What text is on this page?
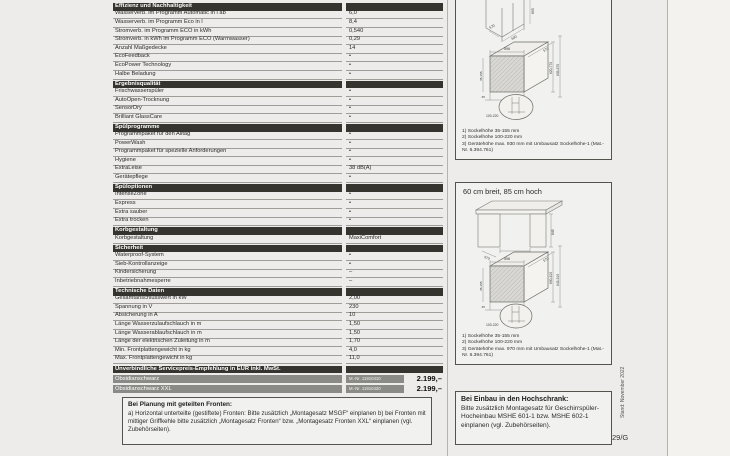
Effizienz und Nachhaltigkeit
Wasserverb. im Programm Automatic in l ab	6,0
Wasserverb. im Programm Eco in l	8,4
Stromverb. im Programm ECO in kWh	0,540
Stromverb. in kWh im Programm ECO (Warmwasser)	0,29
Anzahl Maßgedecke	14
EcoFeedback	•
EcoPower Technology	•
Halbe Beladung	•
Ergebnisqualität
Frischwasserspüler	•
AutoOpen-Trocknung	•
SensorDry	•
Brilliant GlassCare	•
Spülprogramme
Programmpaket für den Alltag	•
PowerWash	•
Programmpaket für spezielle Anforderungen	•
Hygiene	•
ExtraLeise	38 dB(A)
Gerätepflege	•
Spüloptionen
IntenseZone	•
Express	•
Extra sauber	•
Extra trocken	•
Korbgestaltung
Korbgestaltung	MaxiComfort
Sicherheit
Waterproof-System	•
Sieb-Kontrollanzeige	•
Kindersicherung	–
Inbetriebnahmesperre	–
Technische Daten
Gesamtanschlusswert in kW	2,00
Spannung in V	230
Absicherung in A	10
Länge Wasserzulaufschlauch in m	1,50
Länge Wasserablaufschlauch in m	1,50
Länge der elektrischen Zuleitung in m	1,70
Min. Frontplattengewicht in kg	4,0
Max. Frontplattengewicht in kg	11,0
Unverbindliche Servicepreis-Empfehlung in EUR inkl. MwSt.
Obsidianschwarz	M.-Nr. 11910410	2.199,–
Obsidianschwarz XXL	M.-Nr. 11910420	2.199,–
Bei Planung mit geteilten Fronten:
a) Horizontal unterteilte (gestiftete) Fronten: Bitte zusätzlich „Montagesatz MSGF“ einplanen b) bei Fronten mit mittiger Griffkehle bitte zusätzlich „Montagesatz Fronten“ bzw. „Montagesatz Fronten XXL“ einplanen (vgl. Zubehörseiten).
600
805
570
598	570
620-770 805-870
35-155
35
100-220
1) Sockelhöhe 35-155 mm
2) Sockelhöhe 100-220 mm
3) Gerätehöhe max. 930 mm mit Umbausatz Sockelhöhe-1 (Mat.-Nr. 6.394.761)
60 cm breit, 85 cm hoch
845
570	598	570
690-810 845-910
35-155
35
100-220
1) Sockelhöhe 35-155 mm
2) Sockelhöhe 100-220 mm
3) Gerätehöhe max. 970 mm mit Umbausatz Sockelhöhe-1 (Mat.-Nr. 6.394.761)
Bei Einbau in den Hochschrank:
Bitte zusätzlich Montagesatz für Geschirrspüler-Hocheinbau MSHE 601-1 bzw. MSHE 602-1 einplanen (vgl. Zubehörseiten).
Stand: November 2022
29/G
